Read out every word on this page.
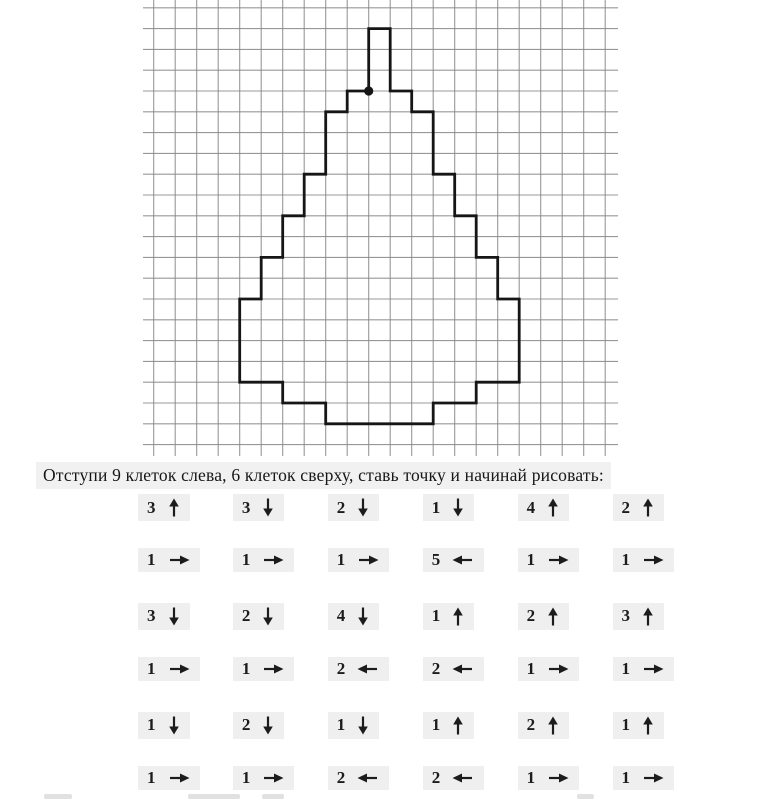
Отступи 9 клеток слева, 6 клеток сверху, ставь точку и начинай рисовать:
3	3	2	1	4	2
1	1	1	5	1	1
3	2	4	1	2	3
1	1	2	2	1	1
1	2	1	1	2	1
1	1	2	2	1	1
